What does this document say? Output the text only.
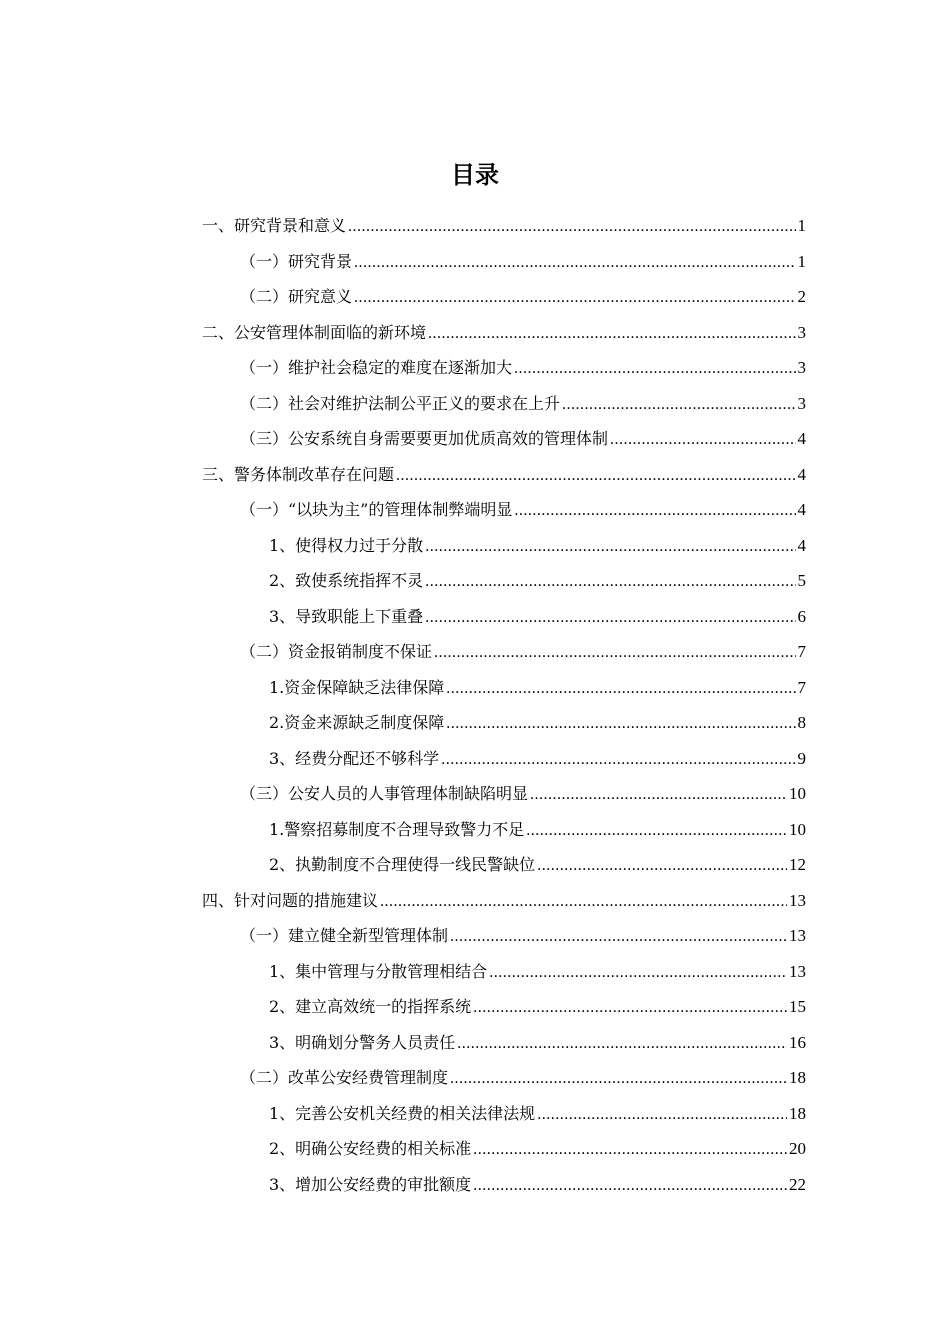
目录
一、研究背景和意义 .....	1
（一）研究背景 .....	1
（二）研究意义 .....	2
二、公安管理体制面临的新环境 .....	3
（一）维护社会稳定的难度在逐渐加大 .....	3
（二）社会对维护法制公平正义的要求在上升 .....	3
（三）公安系统自身需要要更加优质高效的管理体制 .....	4
三、警务体制改革存在问题 .....	4
（一）“以块为主”的管理体制弊端明显 .....	4
1、使得权力过于分散 .....	4
2、致使系统指挥不灵 .....	5
3、导致职能上下重叠 .....	6
（二）资金报销制度不保证 .....	7
1.资金保障缺乏法律保障 .....	7
2.资金来源缺乏制度保障 .....	8
3、经费分配还不够科学 .....	9
（三）公安人员的人事管理体制缺陷明显 .....	10
1.警察招募制度不合理导致警力不足 .....	10
2、执勤制度不合理使得一线民警缺位 .....	12
四、针对问题的措施建议 .....	13
（一）建立健全新型管理体制 .....	13
1、集中管理与分散管理相结合 .....	13
2、建立高效统一的指挥系统 .....	15
3、明确划分警务人员责任 .....	16
（二）改革公安经费管理制度 .....	18
1、完善公安机关经费的相关法律法规 .....	18
2、明确公安经费的相关标准 .....	20
3、增加公安经费的审批额度 .....	22
